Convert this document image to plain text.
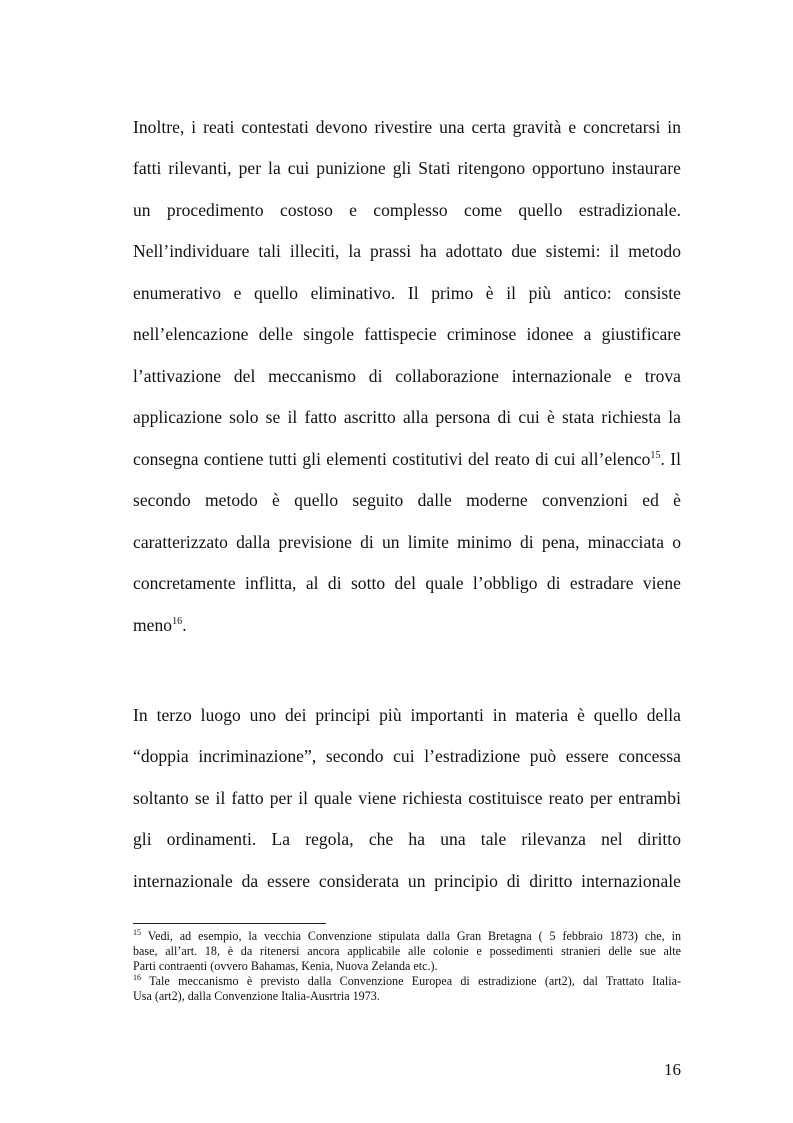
Inoltre, i reati contestati devono rivestire una certa gravità e concretarsi in
fatti rilevanti, per la cui punizione gli Stati ritengono opportuno instaurare
un procedimento costoso e complesso come quello estradizionale.
Nell’individuare tali illeciti, la prassi ha adottato due sistemi: il metodo
enumerativo e quello eliminativo. Il primo è il più antico: consiste
nell’elencazione delle singole fattispecie criminose idonee a giustificare
l’attivazione del meccanismo di collaborazione internazionale e trova
applicazione solo se il fatto ascritto alla persona di cui è stata richiesta la
consegna contiene tutti gli elementi costitutivi del reato di cui all’elenco$^{15}$. Il
secondo metodo è quello seguito dalle moderne convenzioni ed è
caratterizzato dalla previsione di un limite minimo di pena, minacciata o
concretamente inflitta, al di sotto del quale l’obbligo di estradare viene
meno$^{16}$.
In terzo luogo uno dei principi più importanti in materia è quello della
“doppia incriminazione”, secondo cui l’estradizione può essere concessa
soltanto se il fatto per il quale viene richiesta costituisce reato per entrambi
gli ordinamenti. La regola, che ha una tale rilevanza nel diritto
internazionale da essere considerata un principio di diritto internazionale
$^{15}$ Vedi, ad esempio, la vecchia Convenzione stipulata dalla Gran Bretagna ( 5 febbraio 1873) che, in
base, all’art. 18, è da ritenersi ancora applicabile alle colonie e possedimenti stranieri delle sue alte
Parti contraenti (ovvero Bahamas, Kenia, Nuova Zelanda etc.).
$^{16}$ Tale meccanismo è previsto dalla Convenzione Europea di estradizione (art2), dal Trattato Italia-
Usa (art2), dalla Convenzione Italia-Ausrtria 1973.
16
